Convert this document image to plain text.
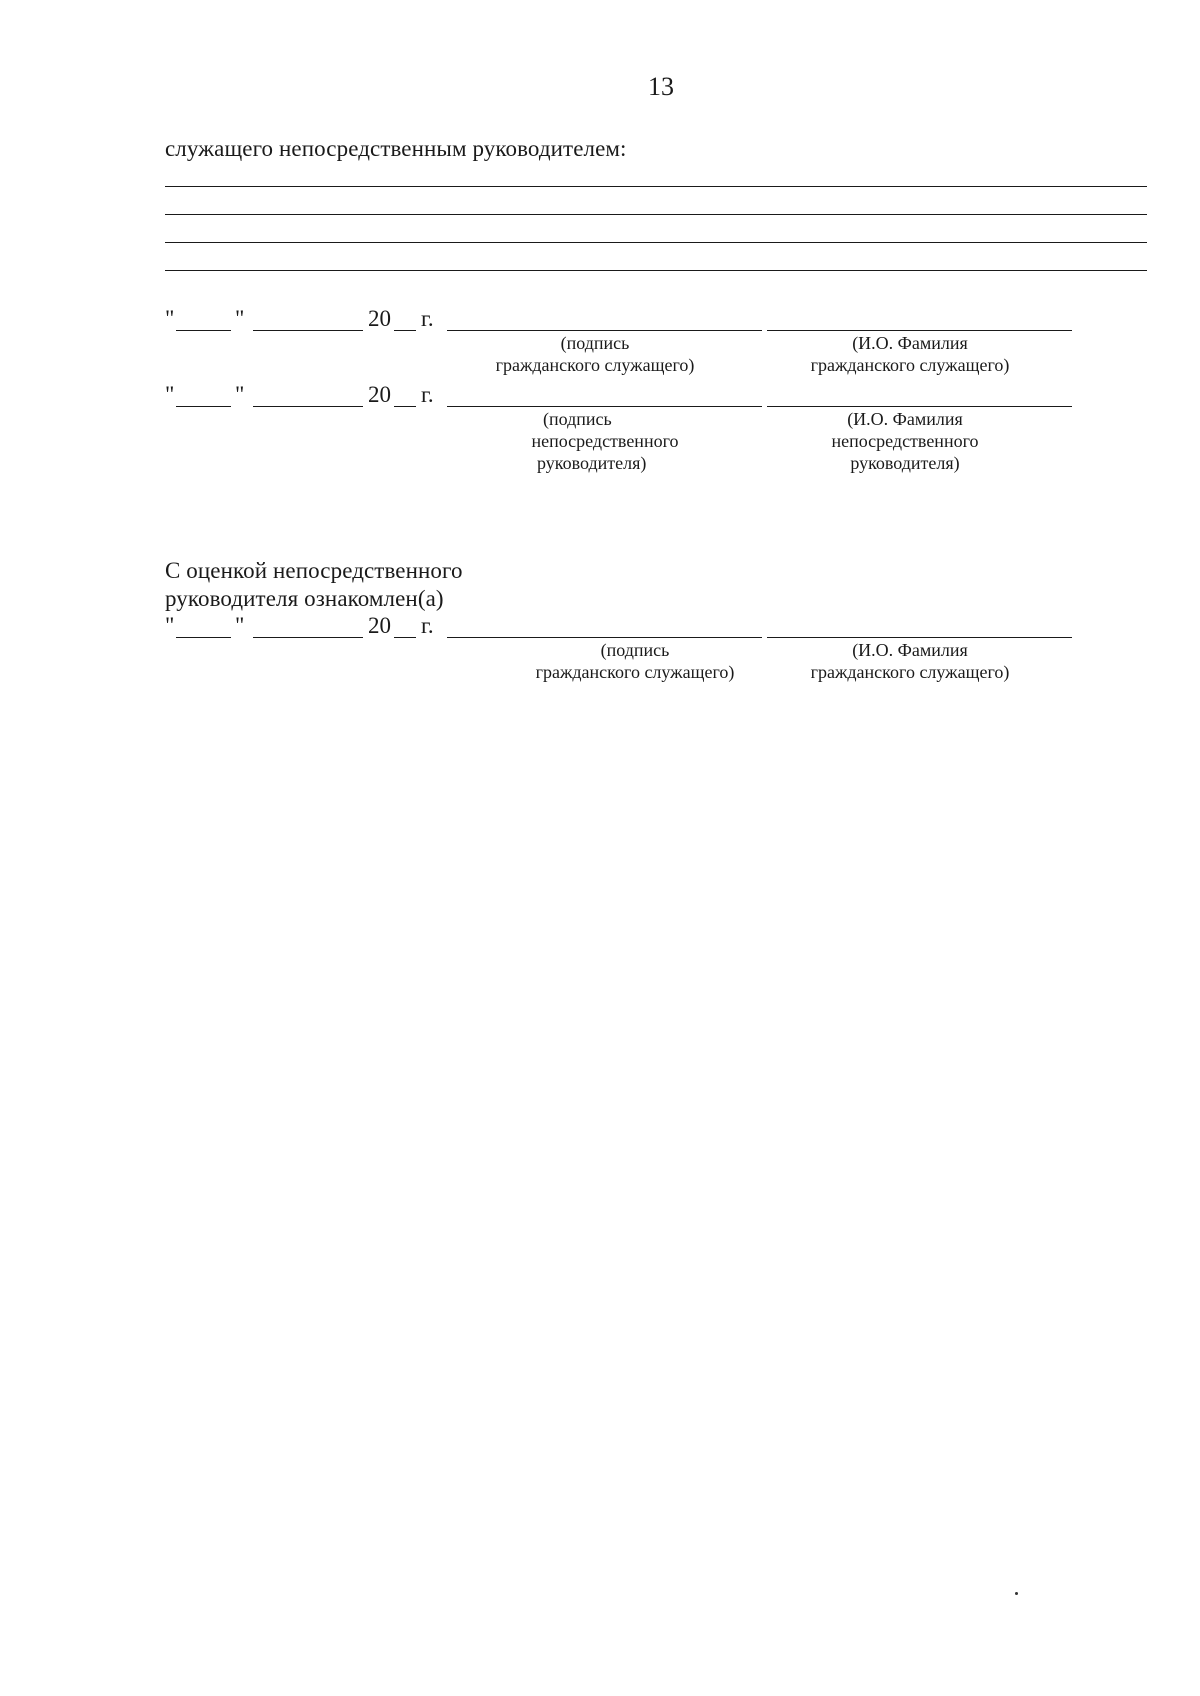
13
служащего непосредственным руководителем:
"	"	20 г.
(подпись
гражданского служащего)
(И.О. Фамилия
гражданского служащего)
"	"	20 г.
(подпись
непосредственного
руководителя)
(И.О. Фамилия
непосредственного
руководителя)
С оценкой непосредственного
руководителя ознакомлен(а)
"	"	20 г.
(подпись
гражданского служащего)
(И.О. Фамилия
гражданского служащего)
